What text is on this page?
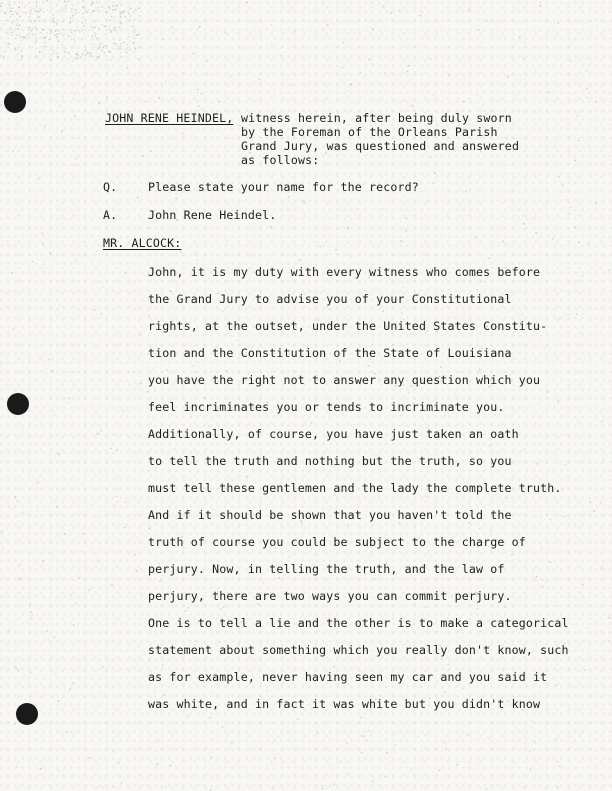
JOHN RENE HEINDEL, witness herein, after being duly sworn
by the Foreman of the Orleans Parish
Grand Jury, was questioned and answered
as follows:
Q.	Please state your name for the record?
A.	John Rene Heindel.
MR. ALCOCK:
John, it is my duty with every witness who comes before
the Grand Jury to advise you of your Constitutional
rights, at the outset, under the United States Constitu-
tion and the Constitution of the State of Louisiana
you have the right not to answer any question which you
feel incriminates you or tends to incriminate you.
Additionally, of course, you have just taken an oath
to tell the truth and nothing but the truth, so you
must tell these gentlemen and the lady the complete truth.
And if it should be shown that you haven't told the
truth of course you could be subject to the charge of
perjury. Now, in telling the truth, and the law of
perjury, there are two ways you can commit perjury.
One is to tell a lie and the other is to make a categorical
statement about something which you really don't know, such
as for example, never having seen my car and you said it
was white, and in fact it was white but you didn't know
